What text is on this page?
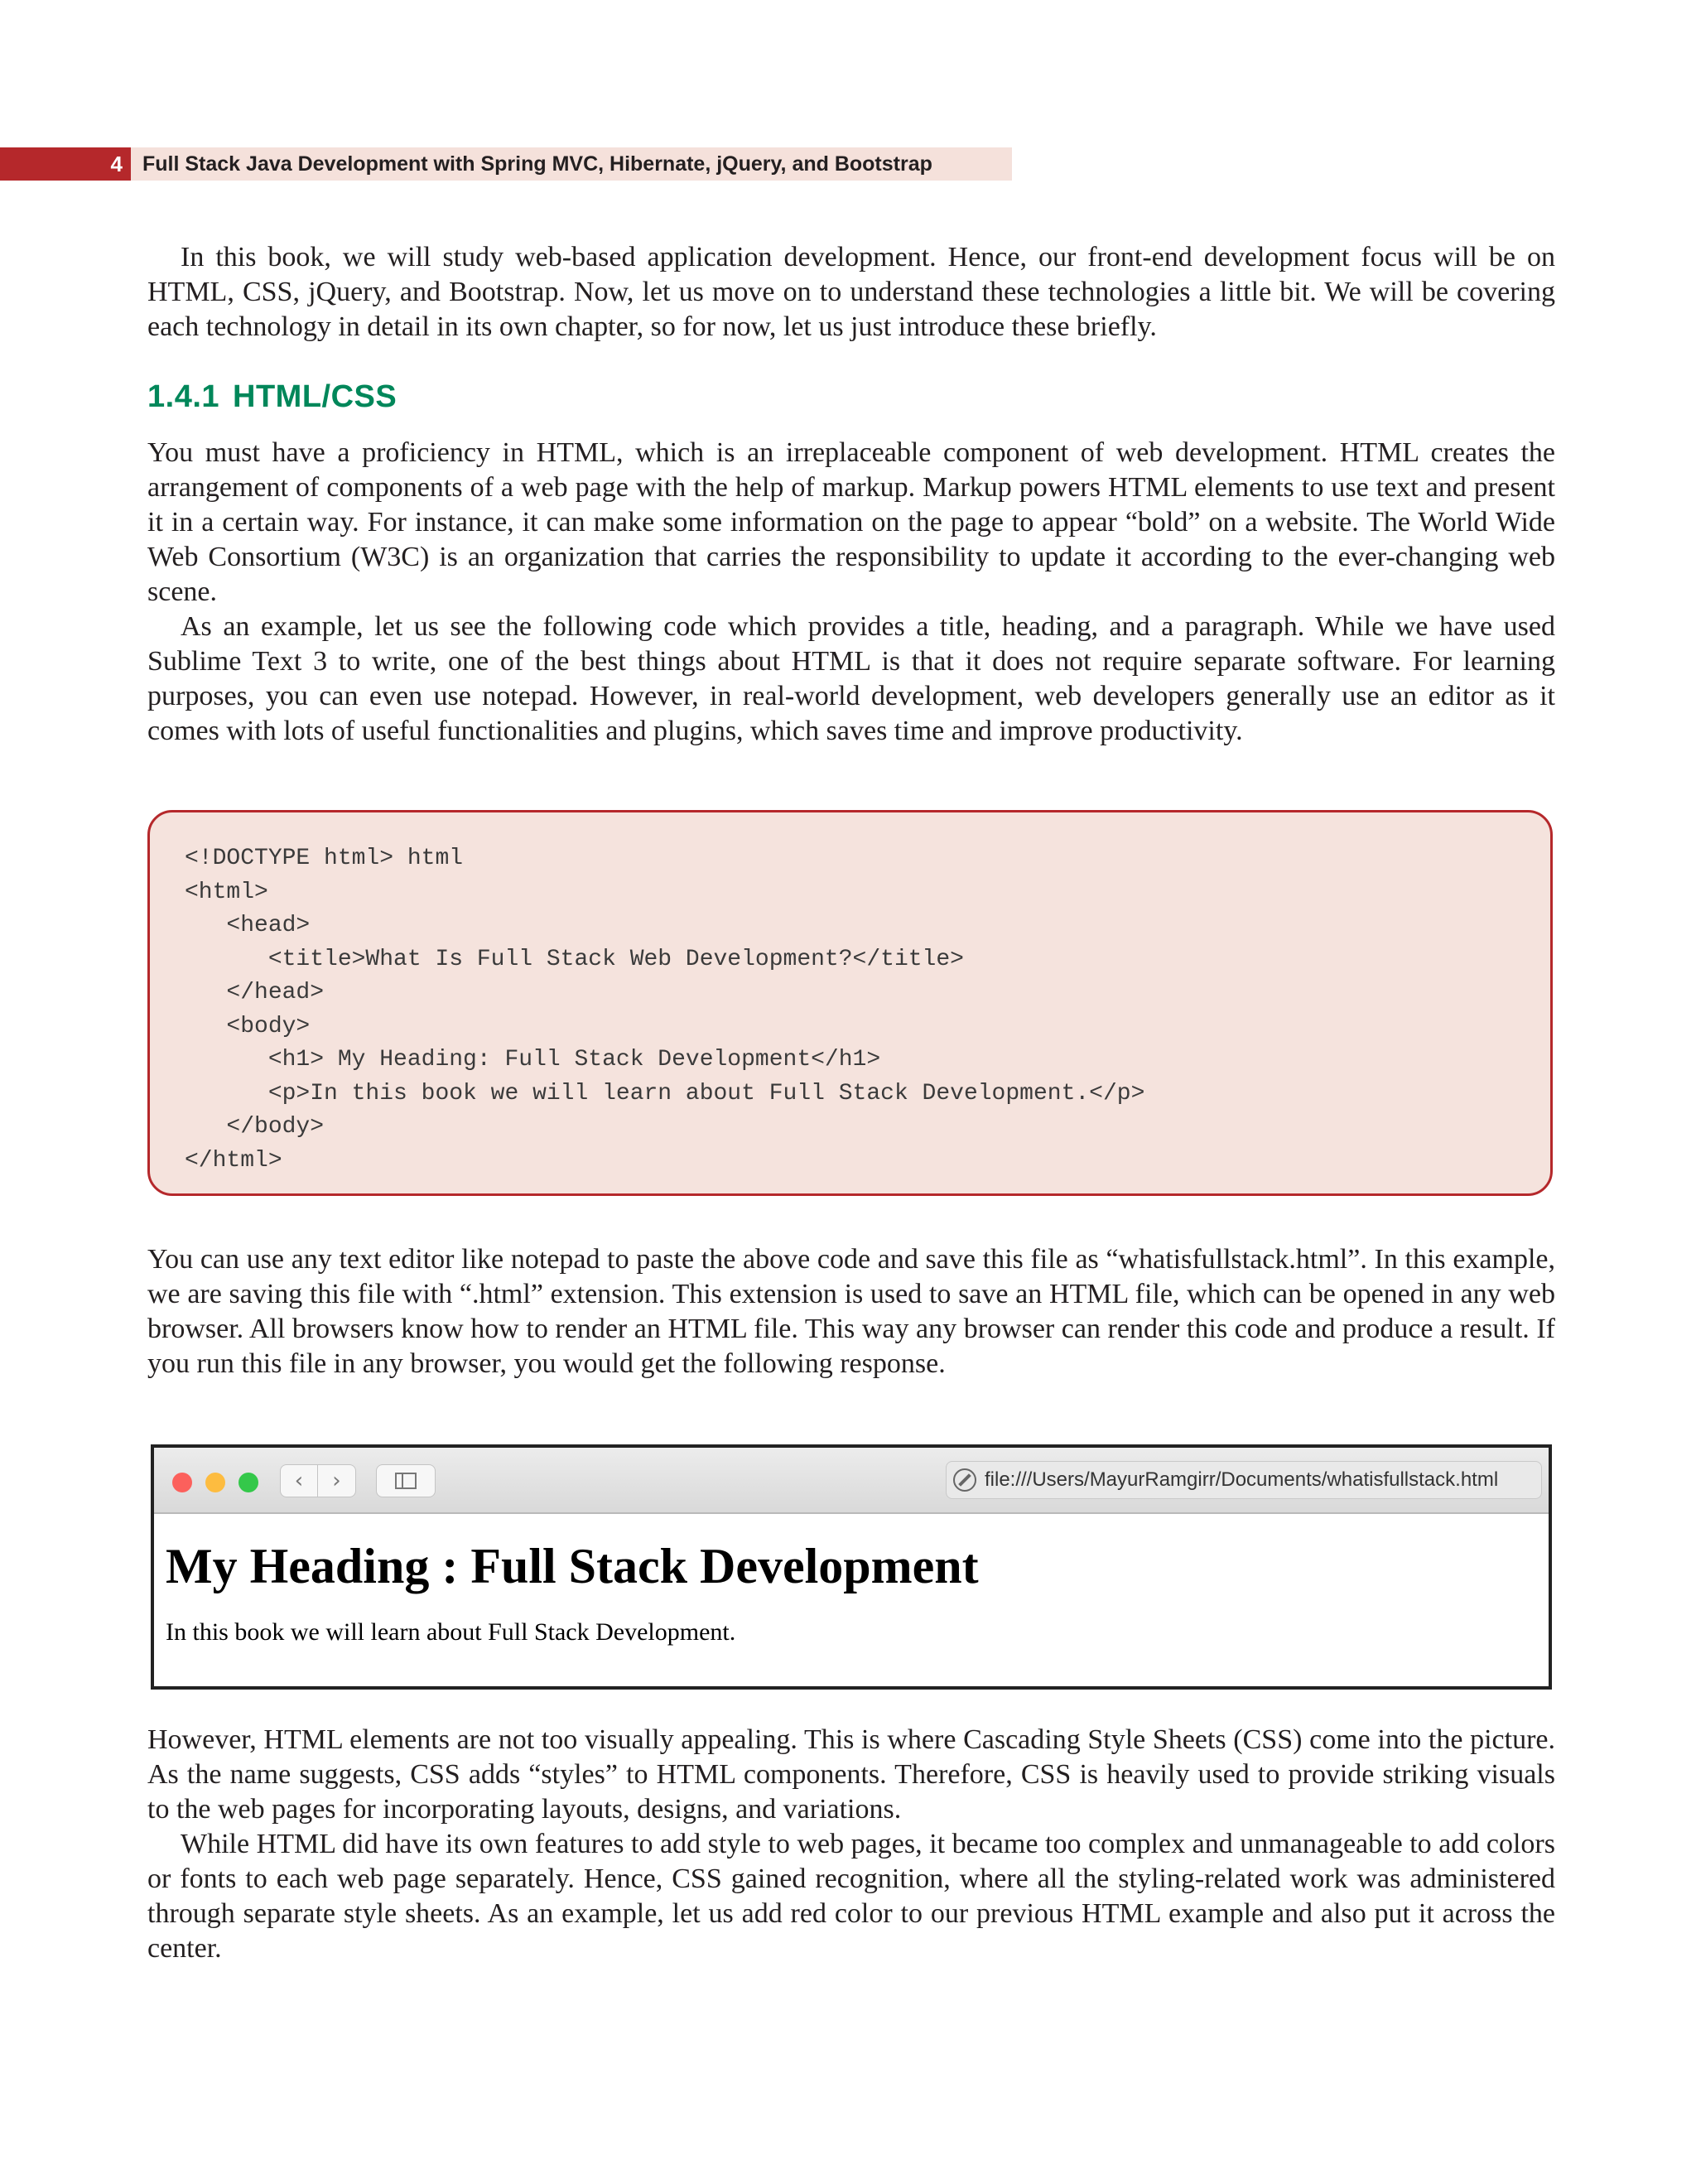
4 Full Stack Java Development with Spring MVC, Hibernate, jQuery, and Bootstrap

In this book, we will study web-based application development. Hence, our front-end development focus will be on HTML, CSS, jQuery, and Bootstrap. Now, let us move on to understand these technologies a little bit. We will be covering each technology in detail in its own chapter, so for now, let us just introduce these briefly.

1.4.1 HTML/CSS

You must have a proficiency in HTML, which is an irreplaceable component of web development. HTML creates the arrangement of components of a web page with the help of markup. Markup powers HTML elements to use text and present it in a certain way. For instance, it can make some information on the page to appear “bold” on a website. The World Wide Web Consortium (W3C) is an organization that carries the responsibility to update it according to the ever-changing web scene.

As an example, let us see the following code which provides a title, heading, and a paragraph. While we have used Sublime Text 3 to write, one of the best things about HTML is that it does not require separate software. For learning purposes, you can even use notepad. However, in real-world development, web developers generally use an editor as it comes with lots of useful functionalities and plugins, which saves time and improve productivity.

<!DOCTYPE html> html
<html>
<head>
<title>What Is Full Stack Web Development?</title>
</head>
<body>
<h1> My Heading: Full Stack Development</h1>
<p>In this book we will learn about Full Stack Development.</p>
</body>
</html>

You can use any text editor like notepad to paste the above code and save this file as “whatisfullstack.html”. In this example, we are saving this file with “.html” extension. This extension is used to save an HTML file, which can be opened in any web browser. All browsers know how to render an HTML file. This way any browser can render this code and produce a result. If you run this file in any browser, you would get the following response.

‹ ›	file:///Users/MayurRamgirr/Documents/whatisfullstack.html
My Heading : Full Stack Development

In this book we will learn about Full Stack Development.

However, HTML elements are not too visually appealing. This is where Cascading Style Sheets (CSS) come into the picture. As the name suggests, CSS adds “styles” to HTML components. Therefore, CSS is heavily used to provide striking visuals to the web pages for incorporating layouts, designs, and variations.

While HTML did have its own features to add style to web pages, it became too complex and unmanageable to add colors or fonts to each web page separately. Hence, CSS gained recognition, where all the styling-related work was administered through separate style sheets. As an example, let us add red color to our previous HTML example and also put it across the center.
